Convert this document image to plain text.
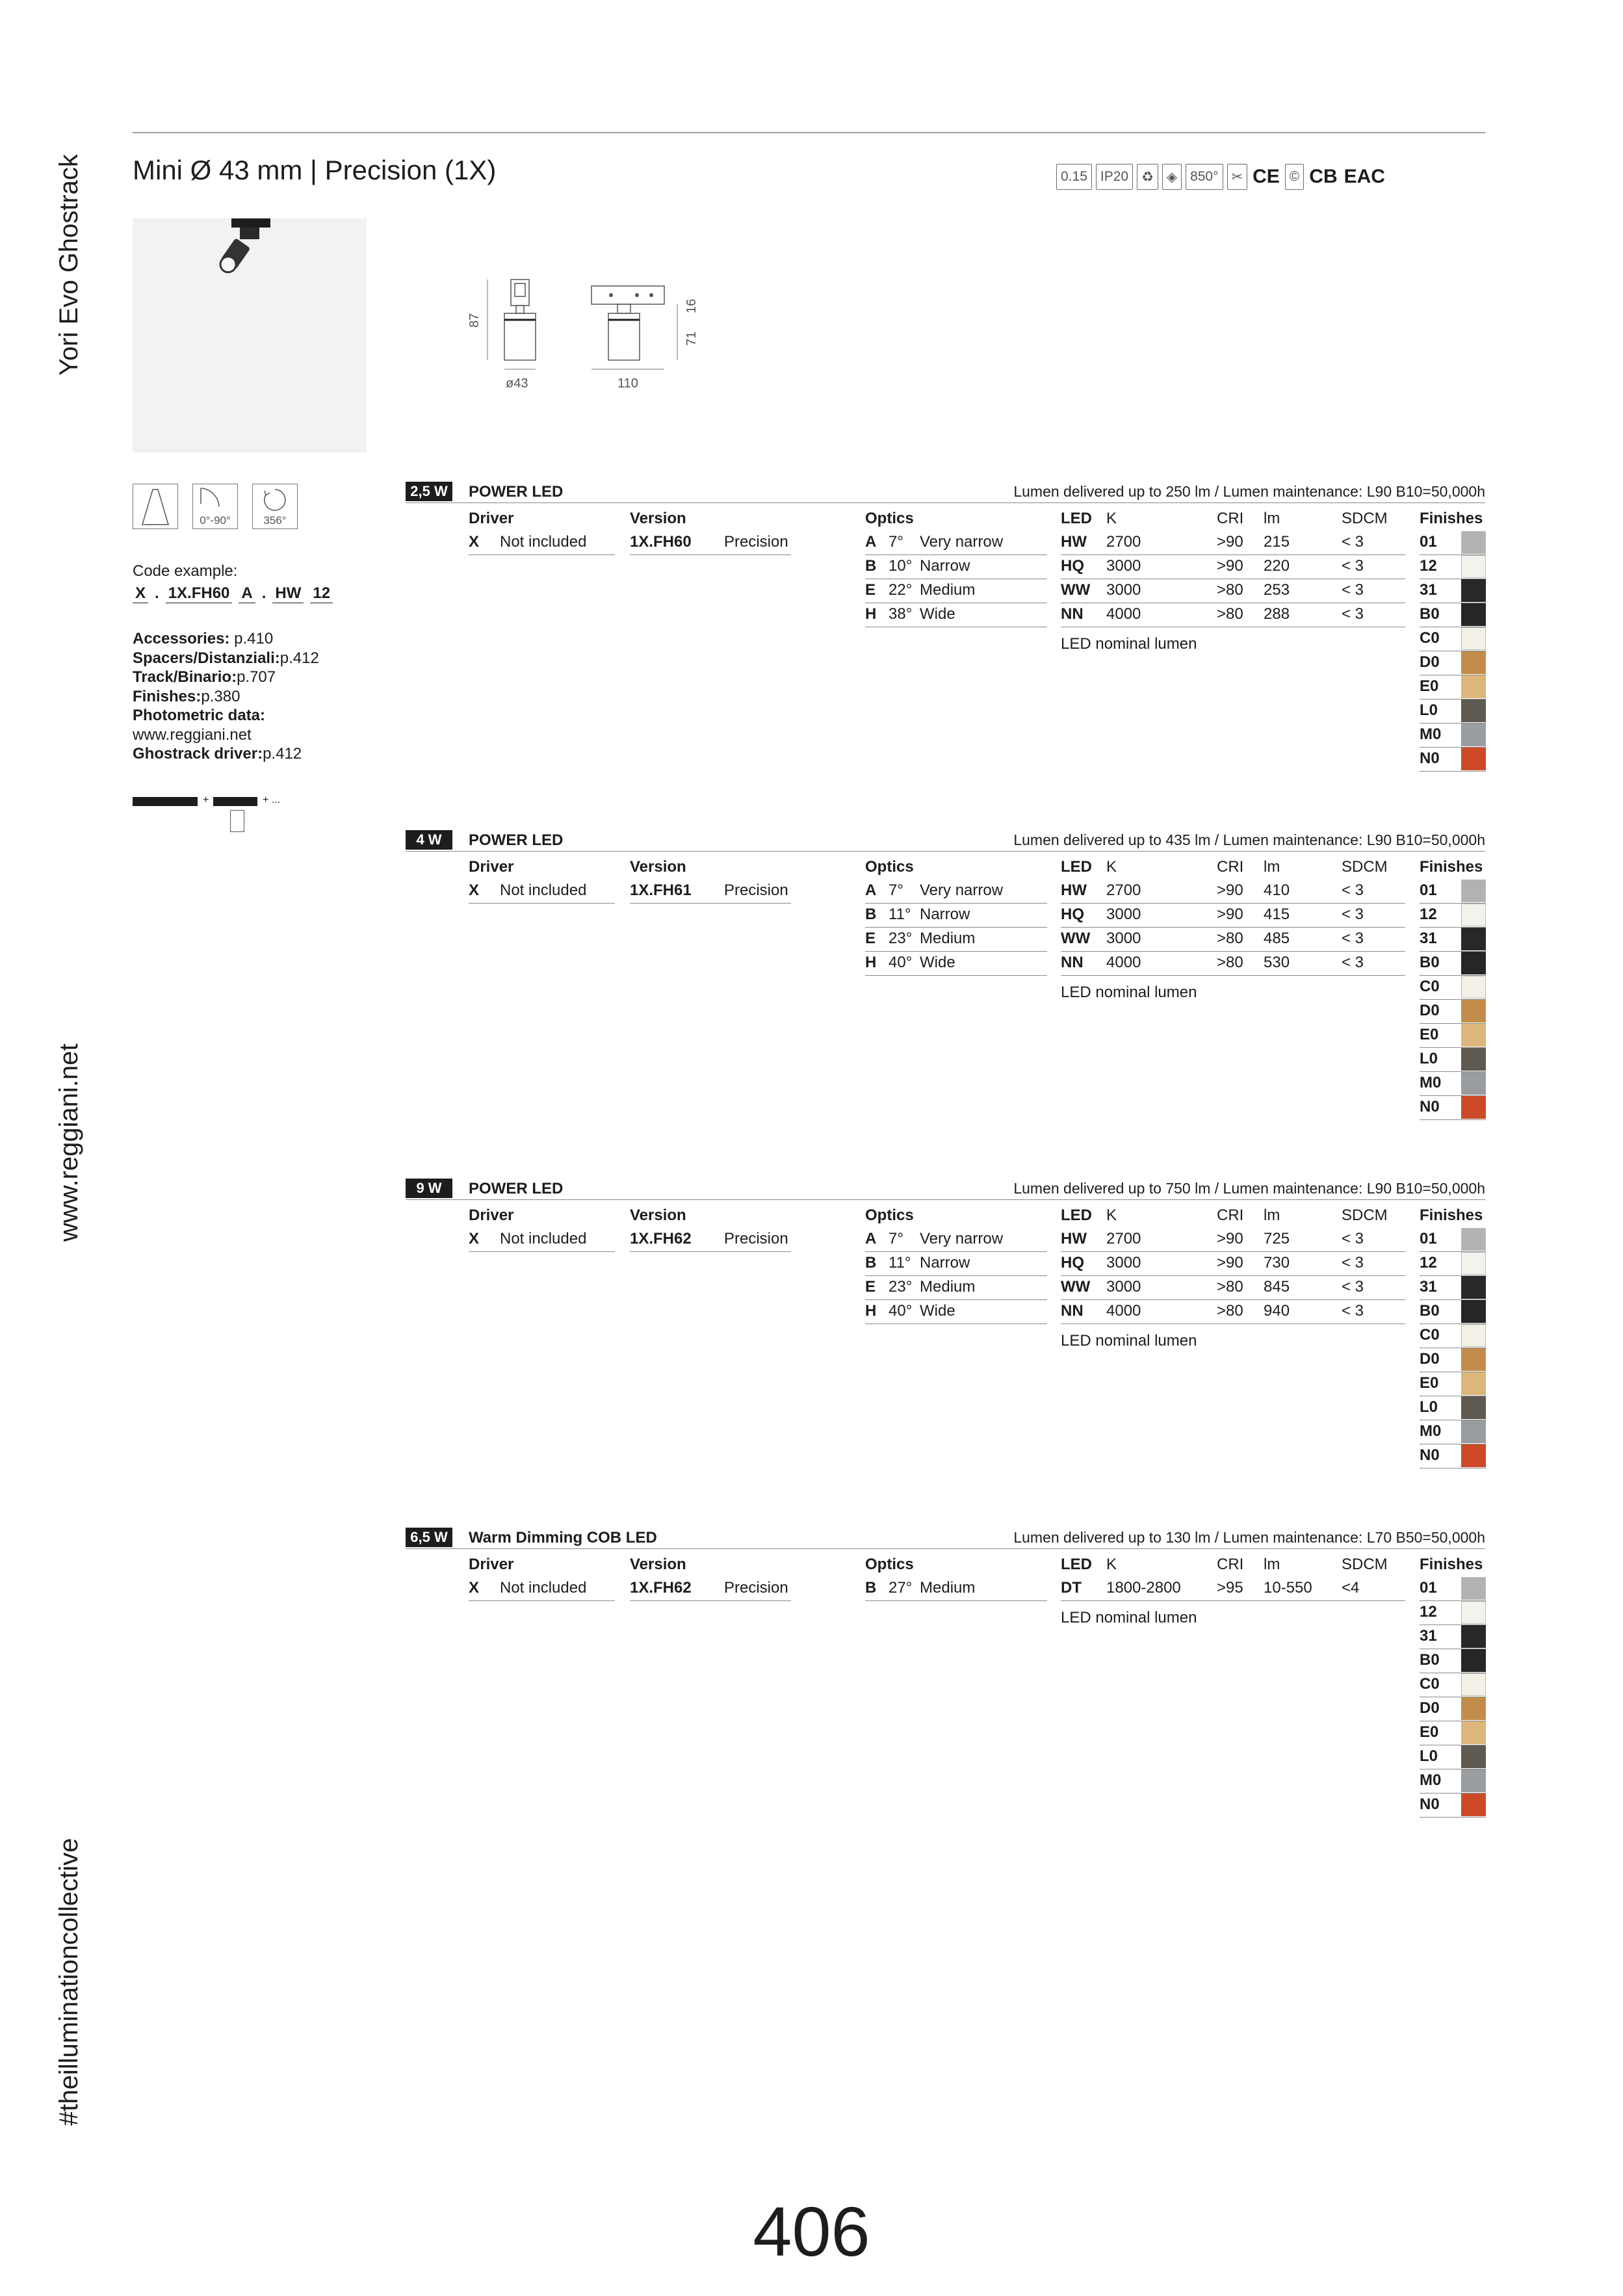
Yori Evo Ghostrack
www.reggiani.net
#theilluminationcollective
Mini Ø 43 mm | Precision (1X)	0.15 IP20 ♻ ◈ 850° ✂ CE © CB EAC
87
ø43	110
71
16
0°-90°	356°
Code example:
X . 1X.FH60 A . HW 12
Accessories: p.410
Spacers/Distanziali:p.412
Track/Binario:p.707
Finishes:p.380
Photometric data:
www.reggiani.net
Ghostrack driver:p.412
+	+ ...
2,5 W	POWER LED	Lumen delivered up to 250 lm / Lumen maintenance: L90 B10=50,000h
Driver
X Not included
Version
1X.FH60 Precision
Optics
A 7° Very narrow
B 10° Narrow
E 22° Medium
H 38° Wide
LED K	CRI lm	SDCM
HW 2700	>90 215	< 3
HQ 3000	>90 220	< 3
WW 3000	>80 253	< 3
NN 4000	>80 288	< 3
LED nominal lumen
Finishes
01
12
31
B0
C0
D0
E0
L0
M0
N0
4 W	POWER LED	Lumen delivered up to 435 lm / Lumen maintenance: L90 B10=50,000h
Driver
X Not included
Version
1X.FH61 Precision
Optics
A 7° Very narrow
B 11° Narrow
E 23° Medium
H 40° Wide
LED K	CRI lm	SDCM
HW 2700	>90 410	< 3
HQ 3000	>90 415	< 3
WW 3000	>80 485	< 3
NN 4000	>80 530	< 3
LED nominal lumen
Finishes
01
12
31
B0
C0
D0
E0
L0
M0
N0
9 W	POWER LED	Lumen delivered up to 750 lm / Lumen maintenance: L90 B10=50,000h
Driver
X Not included
Version
1X.FH62 Precision
Optics
A 7° Very narrow
B 11° Narrow
E 23° Medium
H 40° Wide
LED K	CRI lm	SDCM
HW 2700	>90 725	< 3
HQ 3000	>90 730	< 3
WW 3000	>80 845	< 3
NN 4000	>80 940	< 3
LED nominal lumen
Finishes
01
12
31
B0
C0
D0
E0
L0
M0
N0
6,5 W	Warm Dimming COB LED	Lumen delivered up to 130 lm / Lumen maintenance: L70 B50=50,000h
Driver
X Not included
Version
1X.FH62 Precision
Optics
B 27° Medium
LED K	CRI lm	SDCM
DT 1800-2800 >95 10-550 <4
LED nominal lumen
Finishes
01
12
31
B0
C0
D0
E0
L0
M0
N0
406
